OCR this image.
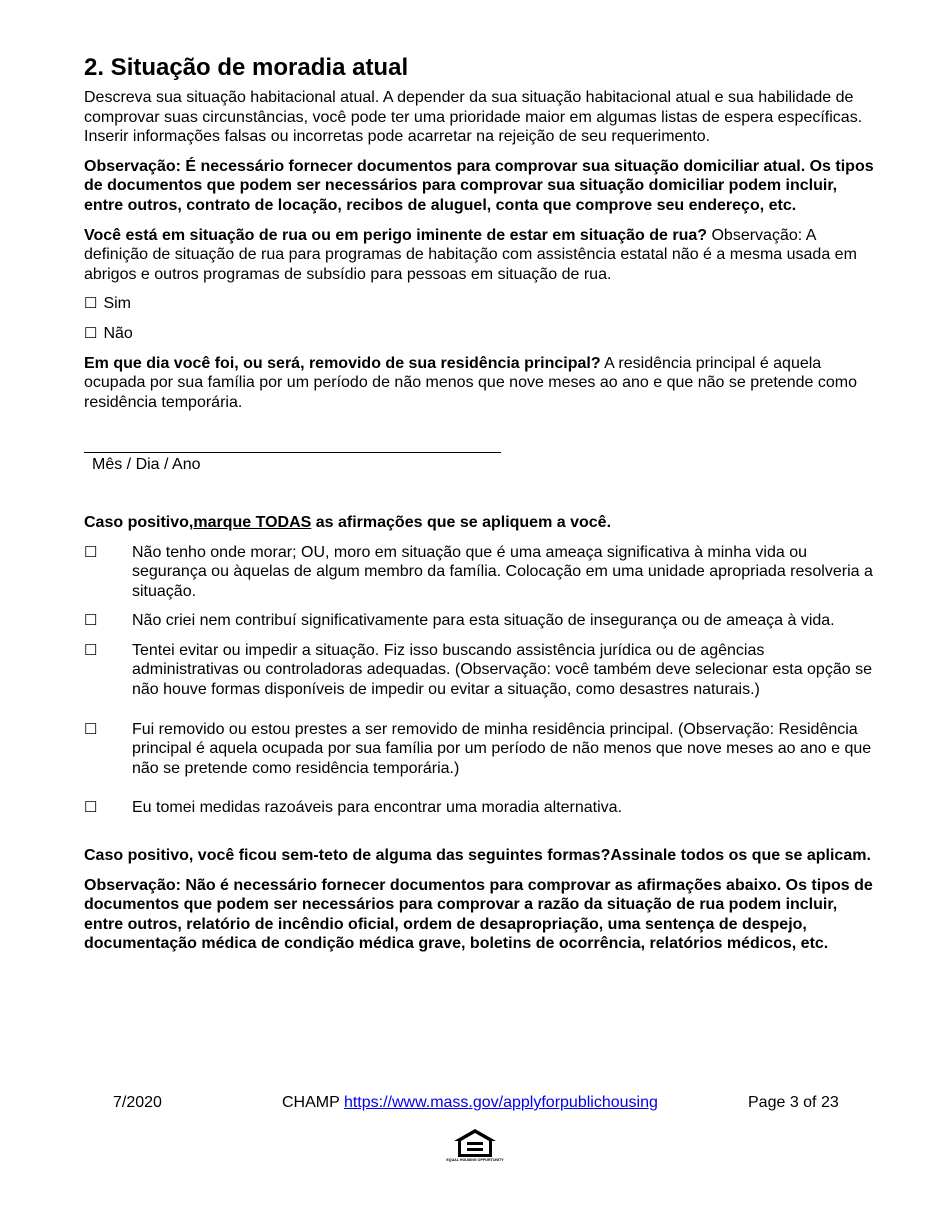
2. Situação de moradia atual

Descreva sua situação habitacional atual. A depender da sua situação habitacional atual e sua habilidade de comprovar suas circunstâncias, você pode ter uma prioridade maior em algumas listas de espera específicas. Inserir informações falsas ou incorretas pode acarretar na rejeição de seu requerimento.

Observação: É necessário fornecer documentos para comprovar sua situação domiciliar atual. Os tipos de documentos que podem ser necessários para comprovar sua situação domiciliar podem incluir, entre outros, contrato de locação, recibos de aluguel, conta que comprove seu endereço, etc.

Você está em situação de rua ou em perigo iminente de estar em situação de rua? Observação: A definição de situação de rua para programas de habitação com assistência estatal não é a mesma usada em abrigos e outros programas de subsídio para pessoas em situação de rua.

☐ Sim
☐ Não

Em que dia você foi, ou será, removido de sua residência principal? A residência principal é aquela ocupada por sua família por um período de não menos que nove meses ao ano e que não se pretende como residência temporária.

Mês / Dia / Ano

Caso positivo,marque TODAS as afirmações que se apliquem a você.

☐	Não tenho onde morar; OU, moro em situação que é uma ameaça significativa à minha vida ou segurança ou àquelas de algum membro da família. Colocação em uma unidade apropriada resolveria a situação.
☐	Não criei nem contribuí significativamente para esta situação de insegurança ou de ameaça à vida.
☐	Tentei evitar ou impedir a situação. Fiz isso buscando assistência jurídica ou de agências administrativas ou controladoras adequadas. (Observação: você também deve selecionar esta opção se não houve formas disponíveis de impedir ou evitar a situação, como desastres naturais.)
☐	Fui removido ou estou prestes a ser removido de minha residência principal. (Observação: Residência principal é aquela ocupada por sua família por um período de não menos que nove meses ao ano e que não se pretende como residência temporária.)
☐	Eu tomei medidas razoáveis para encontrar uma moradia alternativa.

Caso positivo, você ficou sem-teto de alguma das seguintes formas?Assinale todos os que se aplicam.

Observação: Não é necessário fornecer documentos para comprovar as afirmações abaixo. Os tipos de documentos que podem ser necessários para comprovar a razão da situação de rua podem incluir, entre outros, relatório de incêndio oficial, ordem de desapropriação, uma sentença de despejo, documentação médica de condição médica grave, boletins de ocorrência, relatórios médicos, etc.

7/2020	CHAMP https://www.mass.gov/applyforpublichousing	Page 3 of 23
EQUAL HOUSING OPPORTUNITY
